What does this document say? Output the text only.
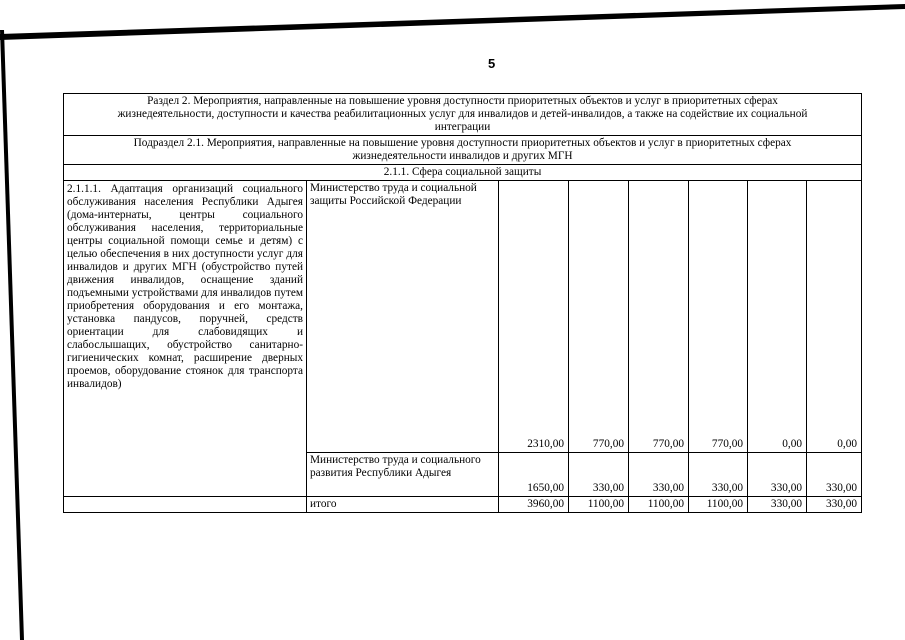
5
Раздел 2. Мероприятия, направленные на повышение уровня доступности приоритетных объектов и услуг в приоритетных сферах жизнедеятельности, доступности и качества реабилитационных услуг для инвалидов и детей-инвалидов, а также на содействие их социальной интеграции							
Подраздел 2.1. Мероприятия, направленные на повышение уровня доступности приоритетных объектов и услуг в приоритетных сферах жизнедеятельности инвалидов и других МГН							
2.1.1. Сфера социальной защиты							
2.1.1.1. Адаптация организаций социального обслуживания населения Республики Адыгея (дома-интернаты, центры социального обслуживания населения, территориальные центры социальной помощи семье и детям) с целью обеспечения в них доступности услуг для инвалидов и других МГН (обустройство путей движения инвалидов, оснащение зданий подъемными устройствами для инвалидов путем приобретения оборудования и его монтажа, установка пандусов, поручней, средств ориентации для слабовидящих и слабослышащих, обустройство санитарно-гигиенических комнат, расширение дверных проемов, оборудование стоянок для транспорта инвалидов)	Министерство труда и социальной защиты Российской Федерации	2310,00	770,00	770,00	770,00	0,00	0,00
	Министерство труда и социального развития Республики Адыгея	1650,00	330,00	330,00	330,00	330,00	330,00
	итого	3960,00	1100,00	1100,00	1100,00	330,00	330,00
